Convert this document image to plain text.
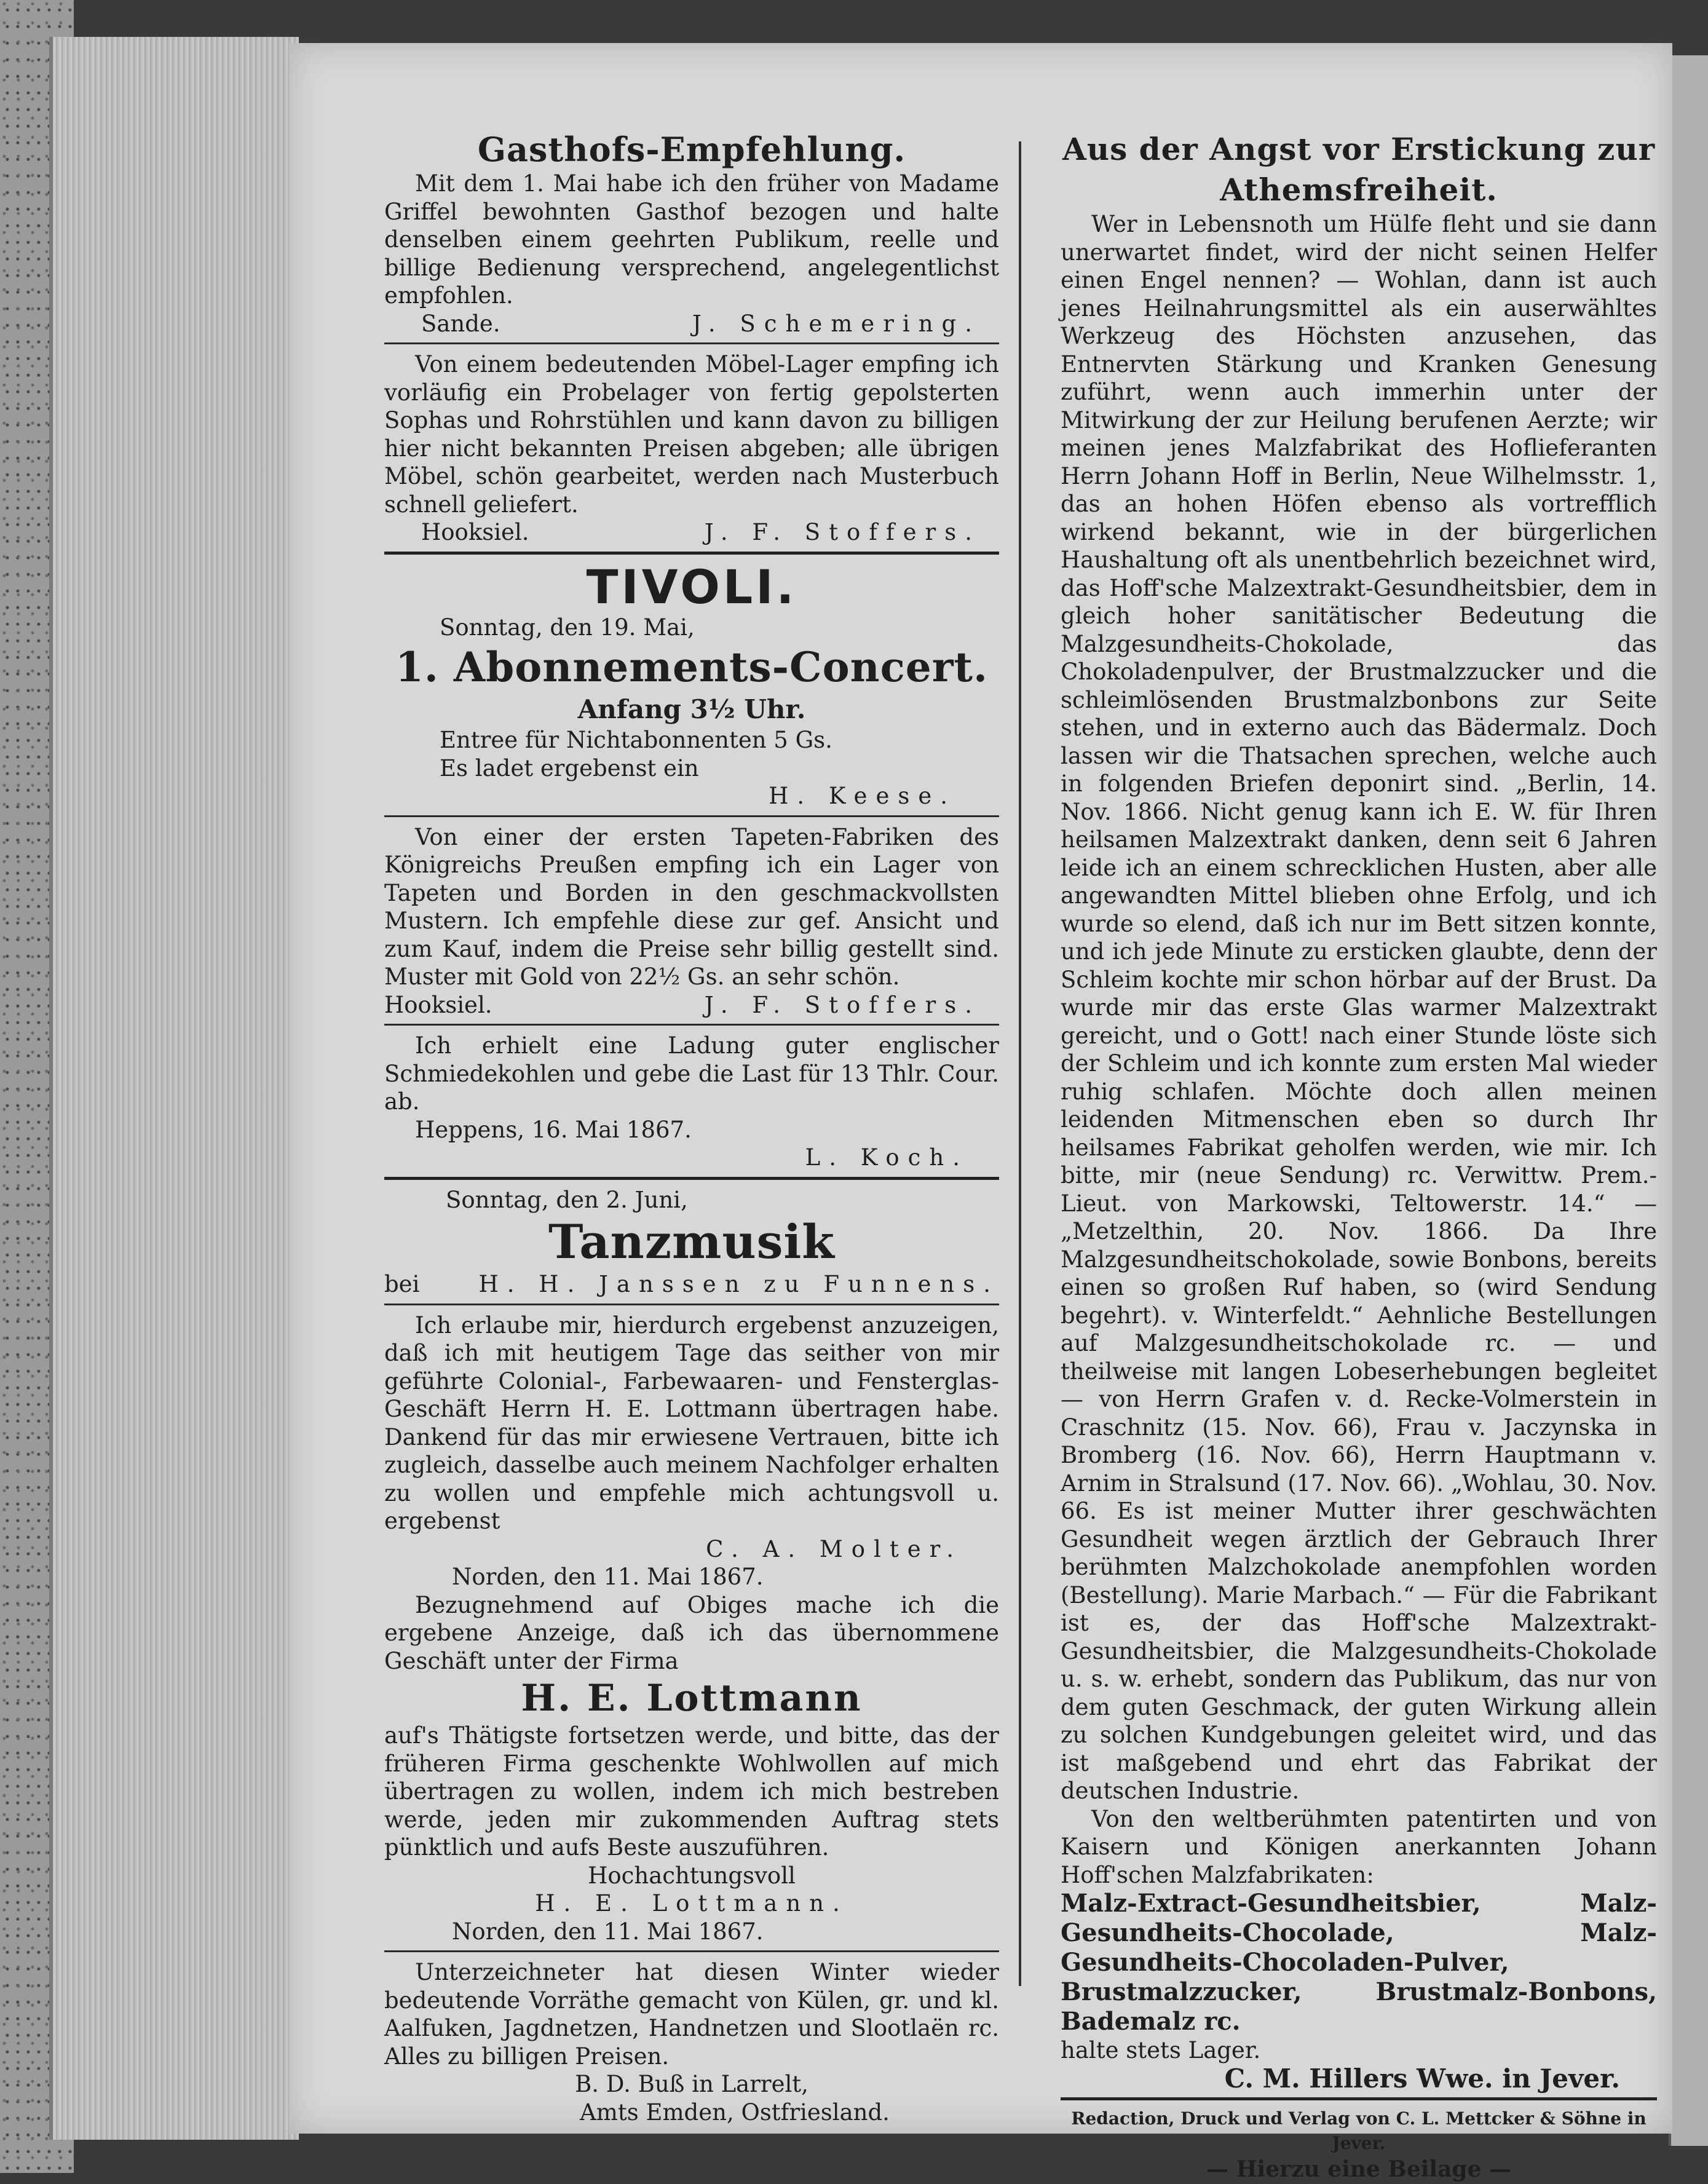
Gasthofs-Empfehlung.

Mit dem 1. Mai habe ich den früher von Madame Griffel bewohnten Gasthof bezogen und halte denselben einem geehrten Publikum, reelle und billige Bedienung versprechend, angelegentlichst empfohlen.

Sande.	J. Schemering.

Von einem bedeutenden Möbel-Lager empfing ich vorläufig ein Probelager von fertig gepolsterten Sophas und Rohrstühlen und kann davon zu billigen hier nicht bekannten Preisen abgeben; alle übrigen Möbel, schön gearbeitet, werden nach Musterbuch schnell geliefert.

Hooksiel.	J. F. Stoffers.
TIVOLI.

Sonntag, den 19. Mai,

1. Abonnements-Concert.
Anfang 3½ Uhr.

Entree für Nichtabonnenten 5 Gs.

Es ladet ergebenst ein

H. Keese.

Von einer der ersten Tapeten-Fabriken des Königreichs Preußen empfing ich ein Lager von Tapeten und Borden in den geschmackvollsten Mustern. Ich empfehle diese zur gef. Ansicht und zum Kauf, indem die Preise sehr billig gestellt sind. Muster mit Gold von 22½ Gs. an sehr schön.

Hooksiel.	J. F. Stoffers.

Ich erhielt eine Ladung guter englischer Schmiedekohlen und gebe die Last für 13 Thlr. Cour. ab.

Heppens, 16. Mai 1867.

L. Koch.

Sonntag, den 2. Juni,

Tanzmusik
bei	H. H. Janssen zu Funnens.

Ich erlaube mir, hierdurch ergebenst anzuzeigen, daß ich mit heutigem Tage das seither von mir geführte Colonial-, Farbewaaren- und Fensterglas-Geschäft Herrn H. E. Lottmann übertragen habe. Dankend für das mir erwiesene Vertrauen, bitte ich zugleich, dasselbe auch meinem Nachfolger erhalten zu wollen und empfehle mich achtungsvoll u. ergebenst

C. A. Molter.

Norden, den 11. Mai 1867.

Bezugnehmend auf Obiges mache ich die ergebene Anzeige, daß ich das übernommene Geschäft unter der Firma

H. E. Lottmann

auf's Thätigste fortsetzen werde, und bitte, das der früheren Firma geschenkte Wohlwollen auf mich übertragen zu wollen, indem ich mich bestreben werde, jeden mir zukommenden Auftrag stets pünktlich und aufs Beste auszuführen.

Hochachtungsvoll

H. E. Lottmann.

Norden, den 11. Mai 1867.

Unterzeichneter hat diesen Winter wieder bedeutende Vorräthe gemacht von Külen, gr. und kl. Aalfuken, Jagdnetzen, Handnetzen und Slootlaën rc. Alles zu billigen Preisen.

B. D. Buß in Larrelt,

Amts Emden, Ostfriesland.

Aus der Angst vor Erstickung zur Athemsfreiheit.

Wer in Lebensnoth um Hülfe fleht und sie dann unerwartet findet, wird der nicht seinen Helfer einen Engel nennen? — Wohlan, dann ist auch jenes Heilnahrungsmittel als ein auserwähltes Werkzeug des Höchsten anzusehen, das Entnervten Stärkung und Kranken Genesung zuführt, wenn auch immerhin unter der Mitwirkung der zur Heilung berufenen Aerzte; wir meinen jenes Malzfabrikat des Hoflieferanten Herrn Johann Hoff in Berlin, Neue Wilhelmsstr. 1, das an hohen Höfen ebenso als vortrefflich wirkend bekannt, wie in der bürgerlichen Haushaltung oft als unentbehrlich bezeichnet wird, das Hoff'sche Malzextrakt-Gesundheitsbier, dem in gleich hoher sanitätischer Bedeutung die Malzgesundheits-Chokolade, das Chokoladenpulver, der Brustmalzzucker und die schleimlösenden Brustmalzbonbons zur Seite stehen, und in externo auch das Bädermalz. Doch lassen wir die Thatsachen sprechen, welche auch in folgenden Briefen deponirt sind. „Berlin, 14. Nov. 1866. Nicht genug kann ich E. W. für Ihren heilsamen Malzextrakt danken, denn seit 6 Jahren leide ich an einem schrecklichen Husten, aber alle angewandten Mittel blieben ohne Erfolg, und ich wurde so elend, daß ich nur im Bett sitzen konnte, und ich jede Minute zu ersticken glaubte, denn der Schleim kochte mir schon hörbar auf der Brust. Da wurde mir das erste Glas warmer Malzextrakt gereicht, und o Gott! nach einer Stunde löste sich der Schleim und ich konnte zum ersten Mal wieder ruhig schlafen. Möchte doch allen meinen leidenden Mitmenschen eben so durch Ihr heilsames Fabrikat geholfen werden, wie mir. Ich bitte, mir (neue Sendung) rc. Verwittw. Prem.-Lieut. von Markowski, Teltowerstr. 14.“ — „Metzelthin, 20. Nov. 1866. Da Ihre Malzgesundheitschokolade, sowie Bonbons, bereits einen so großen Ruf haben, so (wird Sendung begehrt). v. Winterfeldt.“ Aehnliche Bestellungen auf Malzgesundheitschokolade rc. — und theilweise mit langen Lobeserhebungen begleitet — von Herrn Grafen v. d. Recke-Volmerstein in Craschnitz (15. Nov. 66), Frau v. Jaczynska in Bromberg (16. Nov. 66), Herrn Hauptmann v. Arnim in Stralsund (17. Nov. 66). „Wohlau, 30. Nov. 66. Es ist meiner Mutter ihrer geschwächten Gesundheit wegen ärztlich der Gebrauch Ihrer berühmten Malzchokolade anempfohlen worden (Bestellung). Marie Marbach.“ — Für die Fabrikant ist es, der das Hoff'sche Malzextrakt-Gesundheitsbier, die Malzgesundheits-Chokolade u. s. w. erhebt, sondern das Publikum, das nur von dem guten Geschmack, der guten Wirkung allein zu solchen Kundgebungen geleitet wird, und das ist maßgebend und ehrt das Fabrikat der deutschen Industrie.

Von den weltberühmten patentirten und von Kaisern und Königen anerkannten Johann Hoff'schen Malzfabrikaten:

Malz-Extract-Gesundheitsbier, Malz-Gesundheits-Chocolade, Malz-Gesundheits-Chocoladen-Pulver, Brustmalzzucker, Brustmalz-Bonbons, Bademalz rc.

halte stets Lager.

C. M. Hillers Wwe. in Jever.

Redaction, Druck und Verlag von C. L. Mettcker & Söhne in Jever.

— Hierzu eine Beilage —
